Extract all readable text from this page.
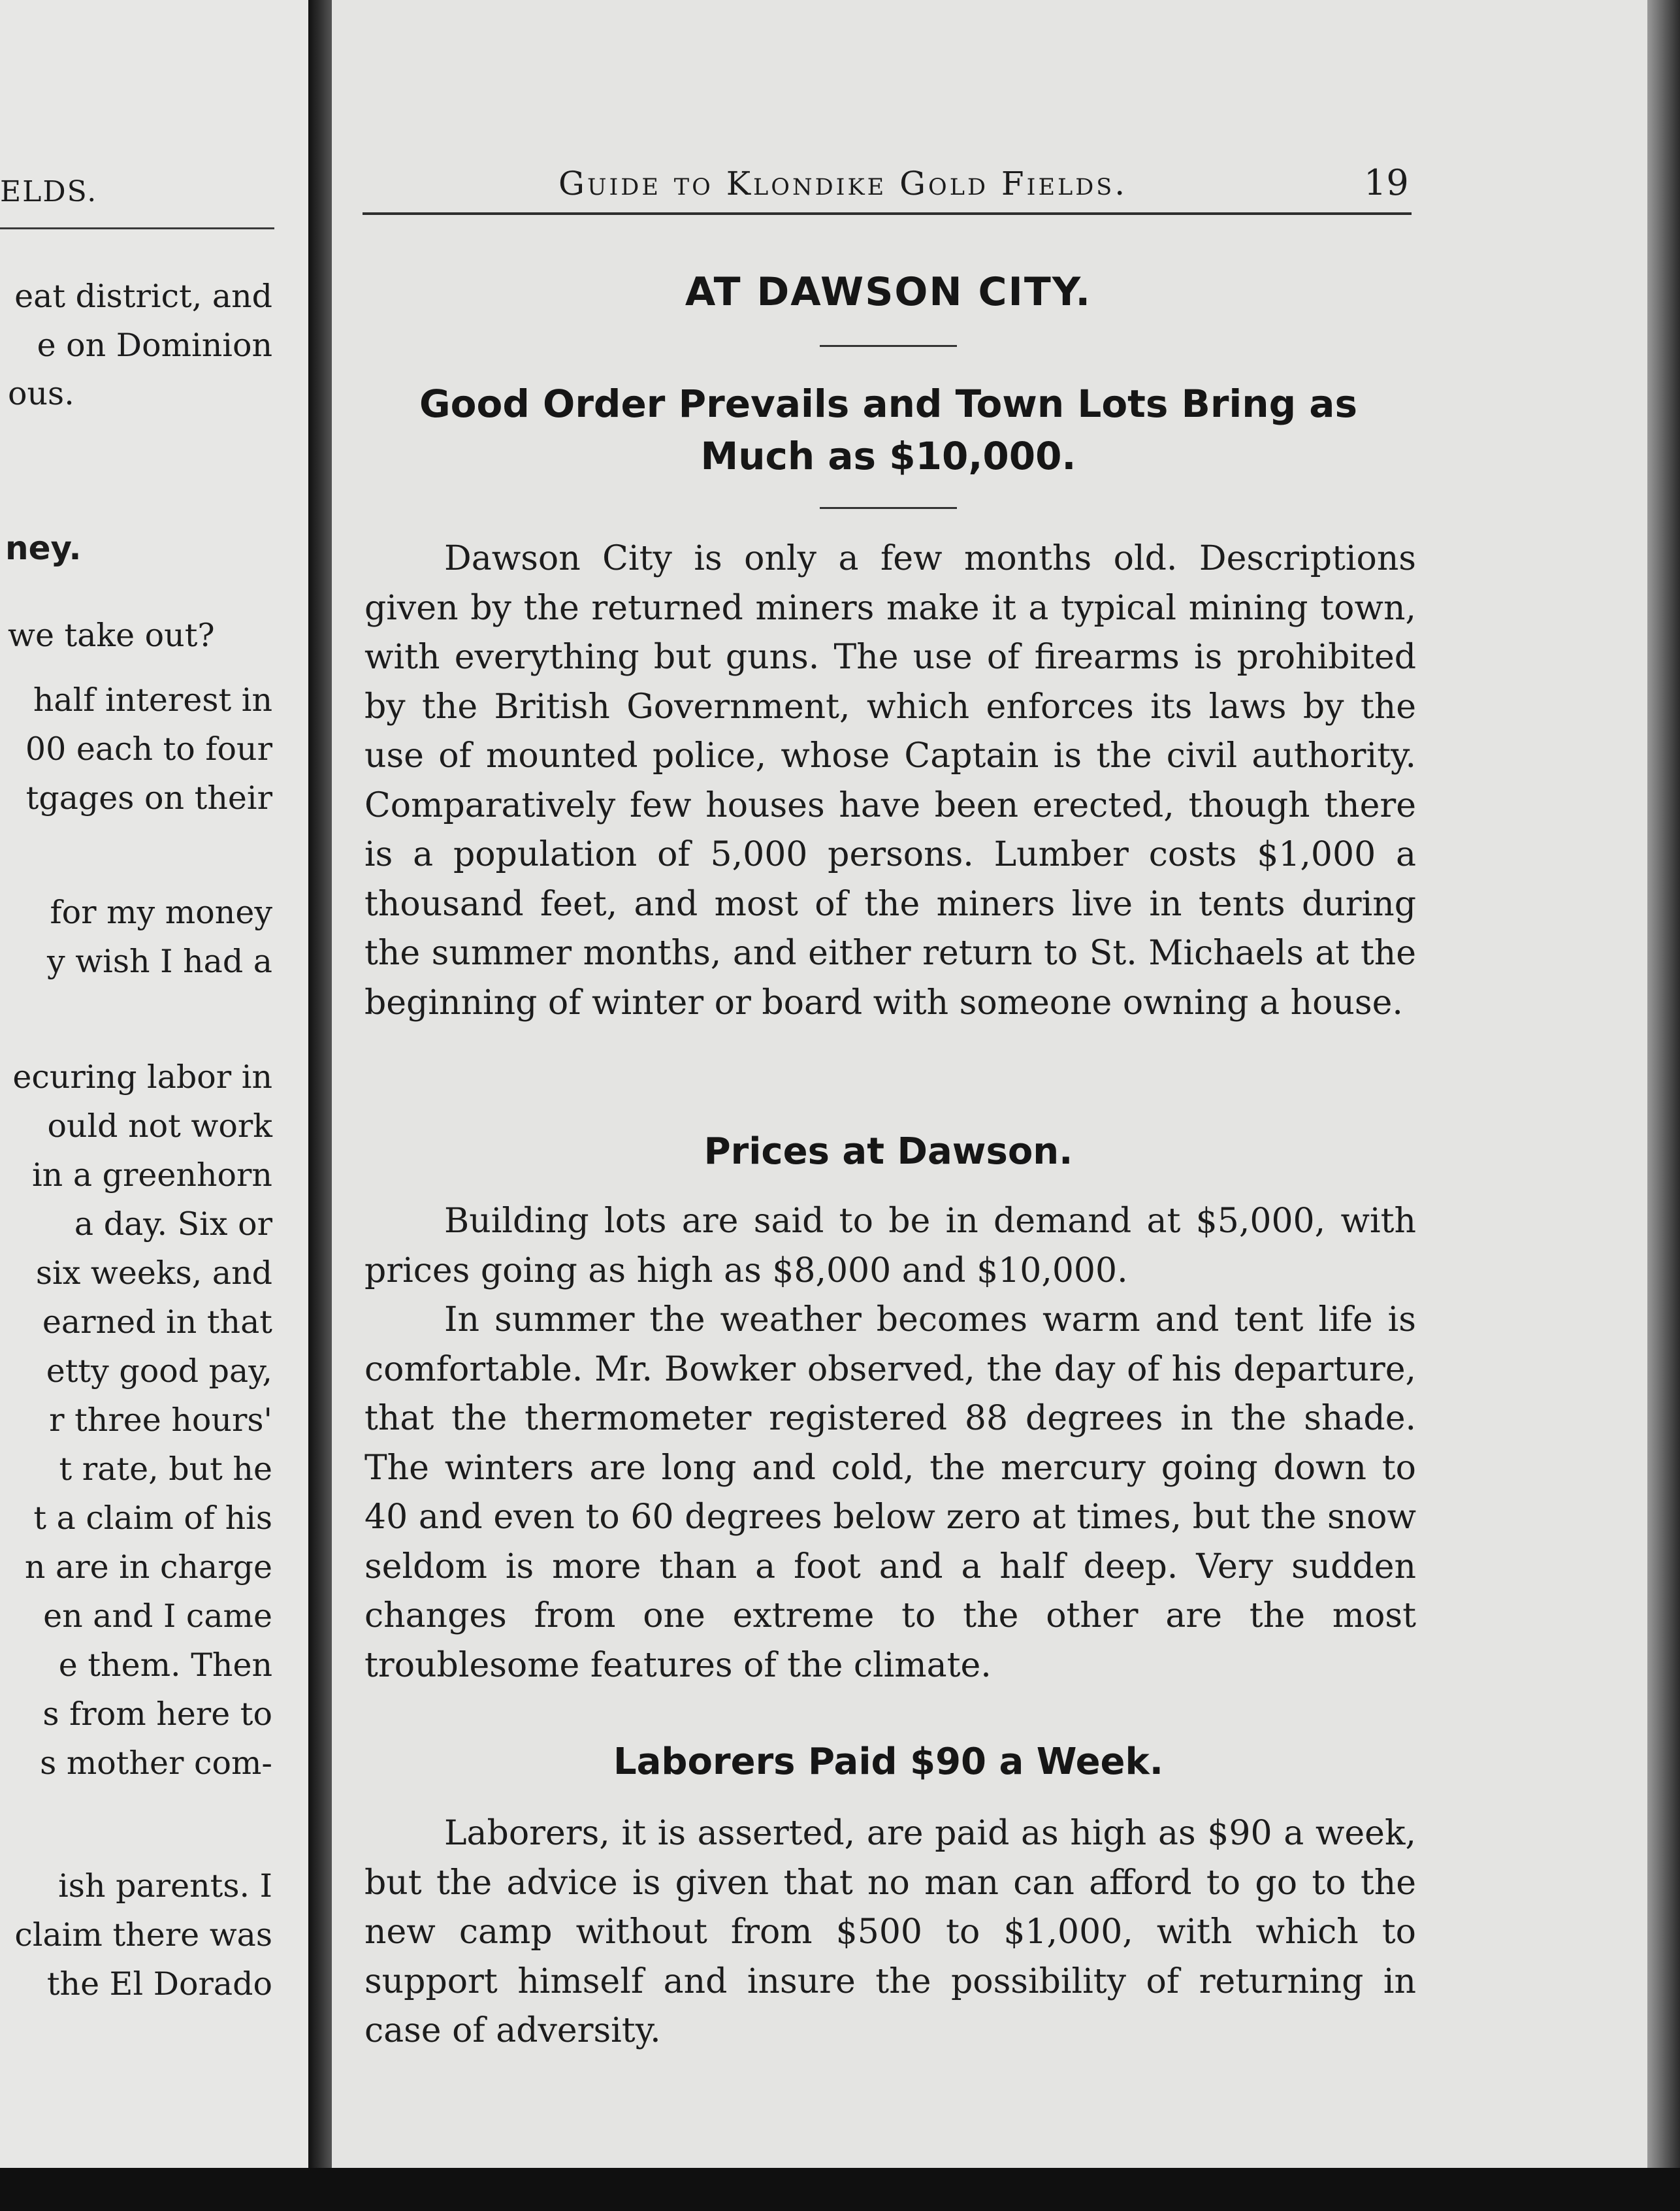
ELDS.
eat district, and
e on Dominion
ous.
ney.
we take out?
half interest in
00 each to four
tgages on their
for my money
y wish I had a
ecuring labor in
ould not work
in a greenhorn
a day. Six or
six weeks, and
earned in that
etty good pay,
r three hours'
t rate, but he
t a claim of his
n are in charge
en and I came
e them. Then
s from here to
s mother com-
ish parents. I
claim there was
the El Dorado
Guide to Klondike Gold Fields.	19
AT DAWSON CITY.
Good Order Prevails and Town Lots Bring as Much as $10,000.
Dawson City is only a few months old. Descriptions given by the returned miners make it a typical mining town, with everything but guns. The use of firearms is prohibited by the British Government, which enforces its laws by the use of mounted police, whose Captain is the civil authority. Comparatively few houses have been erected, though there is a population of 5,000 persons. Lumber costs $1,000 a thousand feet, and most of the miners live in tents during the summer months, and either return to St. Michaels at the beginning of winter or board with someone owning a house.
Prices at Dawson.
Building lots are said to be in demand at $5,000, with prices going as high as $8,000 and $10,000.
In summer the weather becomes warm and tent life is comfortable. Mr. Bowker observed, the day of his departure, that the thermometer registered 88 degrees in the shade. The winters are long and cold, the mercury going down to 40 and even to 60 degrees below zero at times, but the snow seldom is more than a foot and a half deep. Very sudden changes from one extreme to the other are the most troublesome features of the climate.
Laborers Paid $90 a Week.
Laborers, it is asserted, are paid as high as $90 a week, but the advice is given that no man can afford to go to the new camp without from $500 to $1,000, with which to support himself and insure the possibility of returning in case of adversity.
